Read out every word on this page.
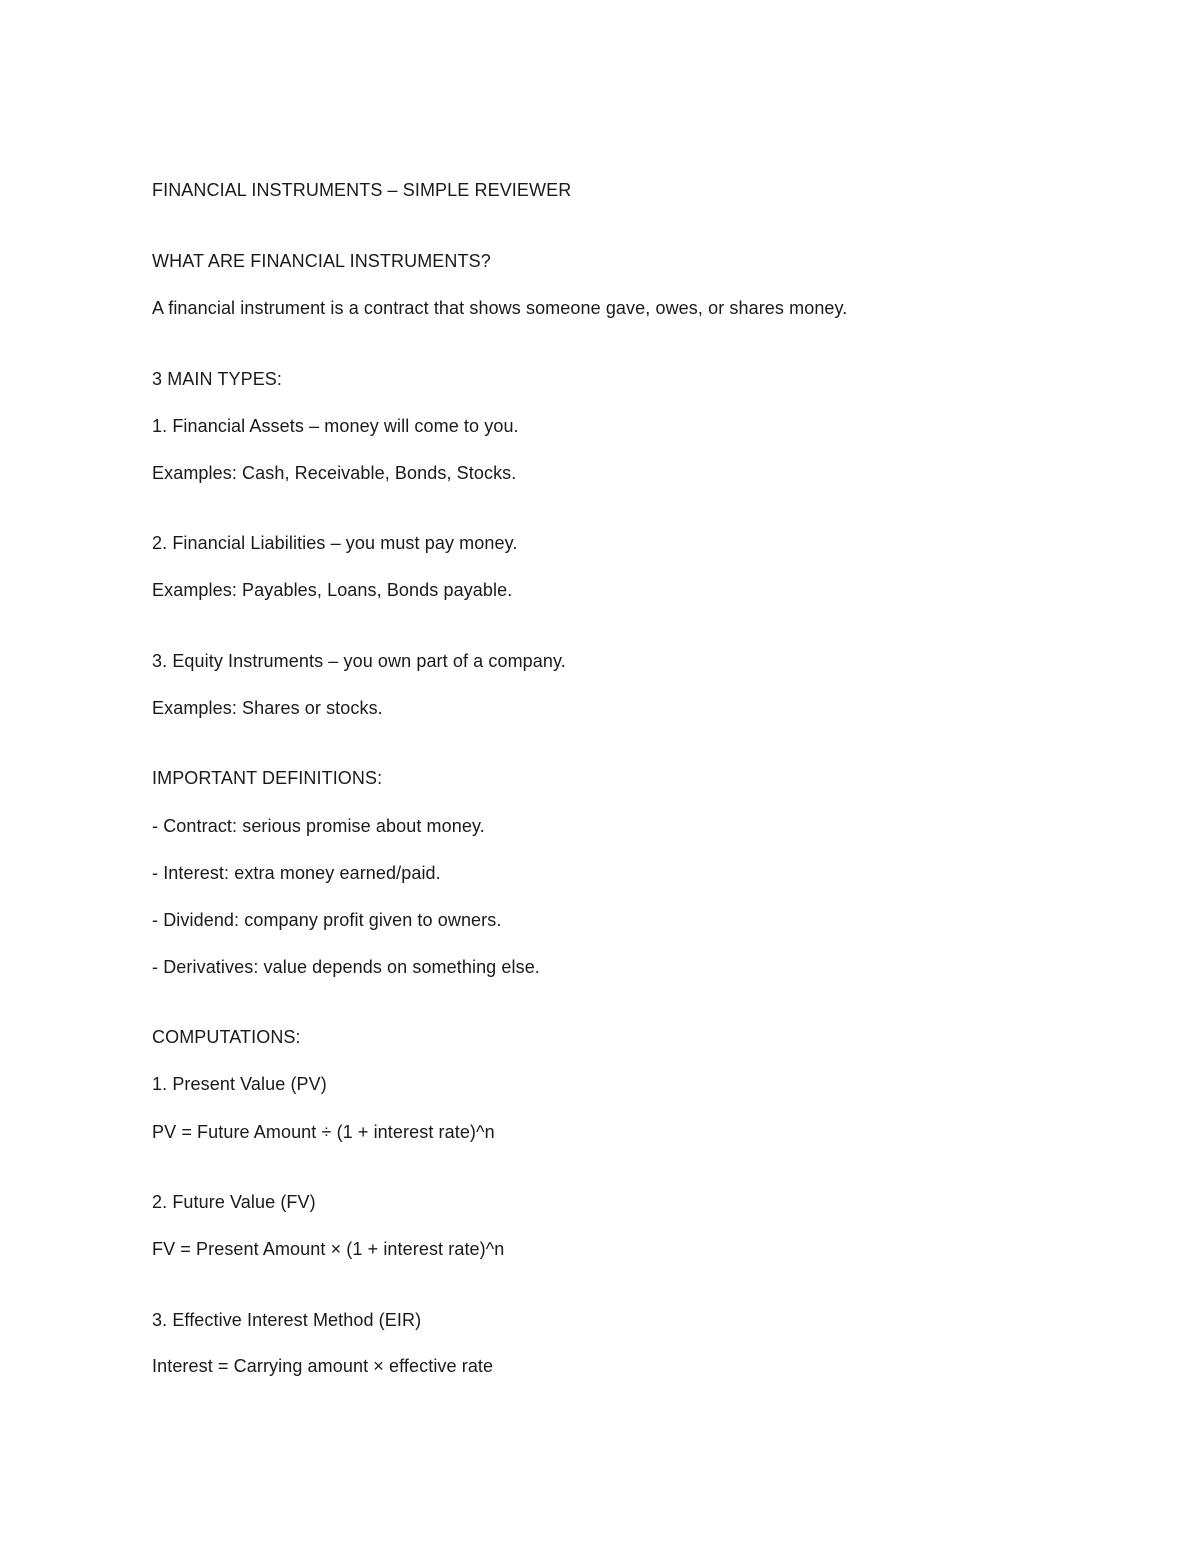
FINANCIAL INSTRUMENTS – SIMPLE REVIEWER

WHAT ARE FINANCIAL INSTRUMENTS?

A financial instrument is a contract that shows someone gave, owes, or shares money.

3 MAIN TYPES:

1. Financial Assets – money will come to you.

Examples: Cash, Receivable, Bonds, Stocks.

2. Financial Liabilities – you must pay money.

Examples: Payables, Loans, Bonds payable.

3. Equity Instruments – you own part of a company.

Examples: Shares or stocks.

IMPORTANT DEFINITIONS:

- Contract: serious promise about money.

- Interest: extra money earned/paid.

- Dividend: company profit given to owners.

- Derivatives: value depends on something else.

COMPUTATIONS:

1. Present Value (PV)

PV = Future Amount ÷ (1 + interest rate)^n

2. Future Value (FV)

FV = Present Amount × (1 + interest rate)^n

3. Effective Interest Method (EIR)

Interest = Carrying amount × effective rate
